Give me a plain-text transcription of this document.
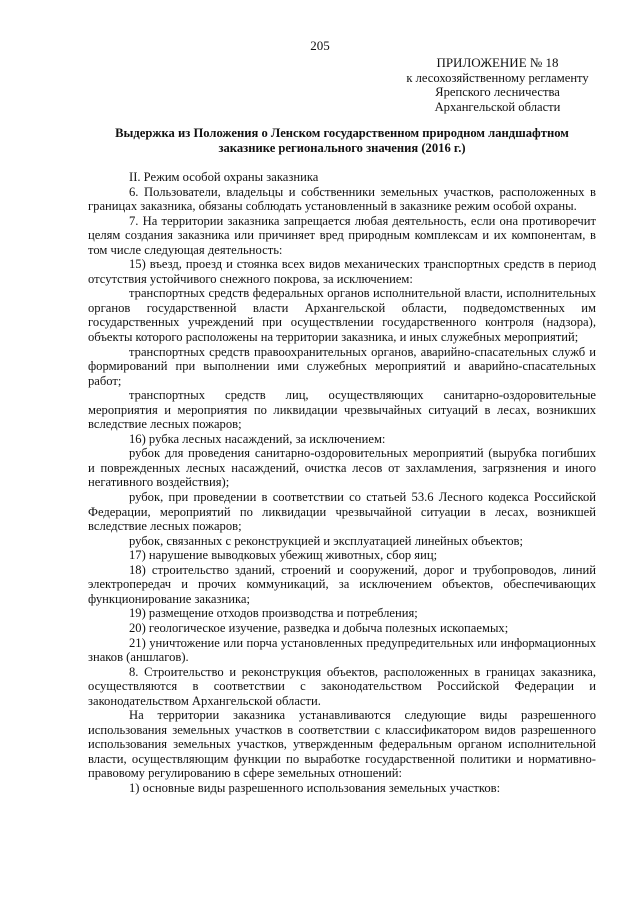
205
ПРИЛОЖЕНИЕ № 18
к лесохозяйственному регламенту
Ярепского лесничества
Архангельской области
Выдержка из Положения о Ленском государственном природном ландшафтном
заказнике регионального значения (2016 г.)

II. Режим особой охраны заказника

6. Пользователи, владельцы и собственники земельных участков, расположенных в границах заказника, обязаны соблюдать установленный в заказнике режим особой охраны.

7. На территории заказника запрещается любая деятельность, если она противоречит целям создания заказника или причиняет вред природным комплексам и их компонентам, в том числе следующая деятельность:

15) въезд, проезд и стоянка всех видов механических транспортных средств в период отсутствия устойчивого снежного покрова, за исключением:

транспортных средств федеральных органов исполнительной власти, исполнительных органов государственной власти Архангельской области, подведомственных им государственных учреждений при осуществлении государственного контроля (надзора), объекты которого расположены на территории заказника, и иных служебных мероприятий;

транспортных средств правоохранительных органов, аварийно-спасательных служб и формирований при выполнении ими служебных мероприятий и аварийно-спасательных работ;

транспортных средств лиц, осуществляющих санитарно-оздоровительные мероприятия и мероприятия по ликвидации чрезвычайных ситуаций в лесах, возникших вследствие лесных пожаров;

16) рубка лесных насаждений, за исключением:

рубок для проведения санитарно-оздоровительных мероприятий (вырубка погибших и поврежденных лесных насаждений, очистка лесов от захламления, загрязнения и иного негативного воздействия);

рубок, при проведении в соответствии со статьей 53.6 Лесного кодекса Российской Федерации, мероприятий по ликвидации чрезвычайной ситуации в лесах, возникшей вследствие лесных пожаров;

рубок, связанных с реконструкцией и эксплуатацией линейных объектов;

17) нарушение выводковых убежищ животных, сбор яиц;

18) строительство зданий, строений и сооружений, дорог и трубопроводов, линий электропередач и прочих коммуникаций, за исключением объектов, обеспечивающих функционирование заказника;

19) размещение отходов производства и потребления;

20) геологическое изучение, разведка и добыча полезных ископаемых;

21) уничтожение или порча установленных предупредительных или информационных знаков (аншлагов).

8. Строительство и реконструкция объектов, расположенных в границах заказника, осуществляются в соответствии с законодательством Российской Федерации и законодательством Архангельской области.

На территории заказника устанавливаются следующие виды разрешенного использования земельных участков в соответствии с классификатором видов разрешенного использования земельных участков, утвержденным федеральным органом исполнительной власти, осуществляющим функции по выработке государственной политики и нормативно-правовому регулированию в сфере земельных отношений:

1) основные виды разрешенного использования земельных участков:
